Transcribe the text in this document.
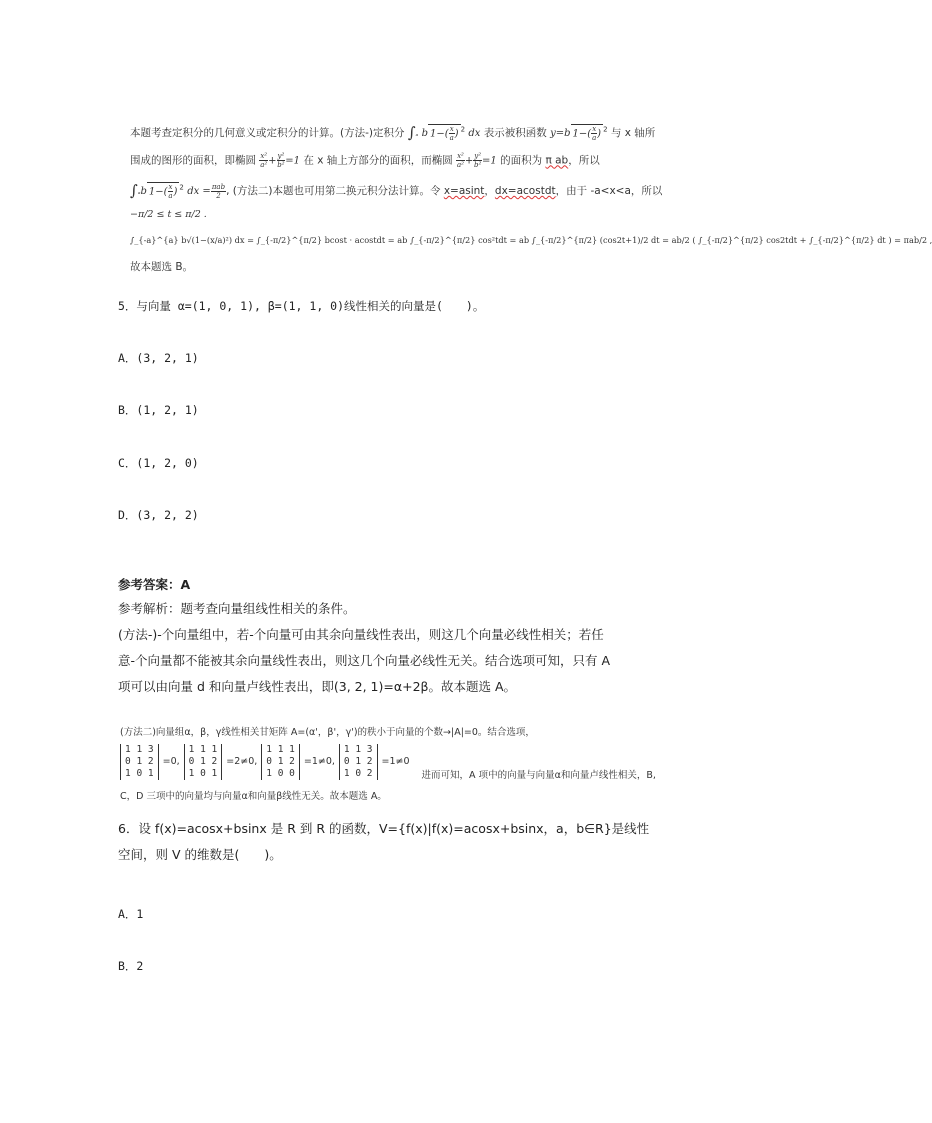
本题考查定积分的几何意义或定积分的计算。(方法-)定积分 ∫ₐ b $1-( \frac{x}{a}$ ) $^2$ dx 表示被积函数 y=b $1-( \frac{x}{a}$ ) $^2$ 与 x 轴所
围成的图形的面积，即椭圆 $\frac{\text{x²}}{\text{a²}} + \frac{\text{y²}}{\text{b²}} =1$ 在 x 轴上方部分的面积，而椭圆 $\frac{\text{x²}}{\text{a²}} + \frac{\text{y²}}{\text{b²}} =1$ 的面积为 π ab，所以
∫ₐb $1-( \frac{x}{a}$ ) $^2$ dx = $\frac{\text{πab}}{2}$ , (方法二)本题也可用第二换元积分法计算。令 x=asint，dx=acostdt，由于 -a<x<a，所以
−π/2 ≤ t ≤ π/2 .
∫_{-a}^{a} b√(1−(x/a)²) dx = ∫_{-π/2}^{π/2} bcost · acostdt = ab ∫_{-π/2}^{π/2} cos²tdt = ab ∫_{-π/2}^{π/2} (cos2t+1)/2 dt = ab/2 ( ∫_{-π/2}^{π/2} cos2tdt + ∫_{-π/2}^{π/2} dt ) = πab/2 ,
故本题选 B。
5．与向量 α=(1, 0, 1), β=(1, 1, 0)线性相关的向量是(　　)。
A．(3, 2, 1)
B．(1, 2, 1)
C．(1, 2, 0)
D．(3, 2, 2)
参考答案：A
参考解析：题考查向量组线性相关的条件。
(方法-)-个向量组中，若-个向量可由其余向量线性表出，则这几个向量必线性相关；若任
意-个向量都不能被其余向量线性表出，则这几个向量必线性无关。结合选项可知，只有 A
项可以由向量 d 和向量卢线性表出，即(3, 2, 1)=α+2β。故本题选 A。
(方法二)向量组α，β，γ线性相关甘矩阵 A=(α'，β'，γ')的秩小于向量的个数→|A|=0。结合选项，
1 1 3
0 1 2
1 0 1
=0,
1 1 1
0 1 2
1 0 1
=2≠0,
1 1 1
0 1 2
1 0 0
=1≠0,
1 1 3
0 1 2
1 0 2
=1≠0
进而可知，A 项中的向量与向量α和向量卢线性相关，B,
C，D 三项中的向量均与向量α和向量β线性无关。故本题选 A。
6．设 f(x)=acosx+bsinx 是 R 到 R 的函数，V={f(x)|f(x)=acosx+bsinx，a，b∈R}是线性
空间，则 V 的维数是(　　)。
A．1
B．2
